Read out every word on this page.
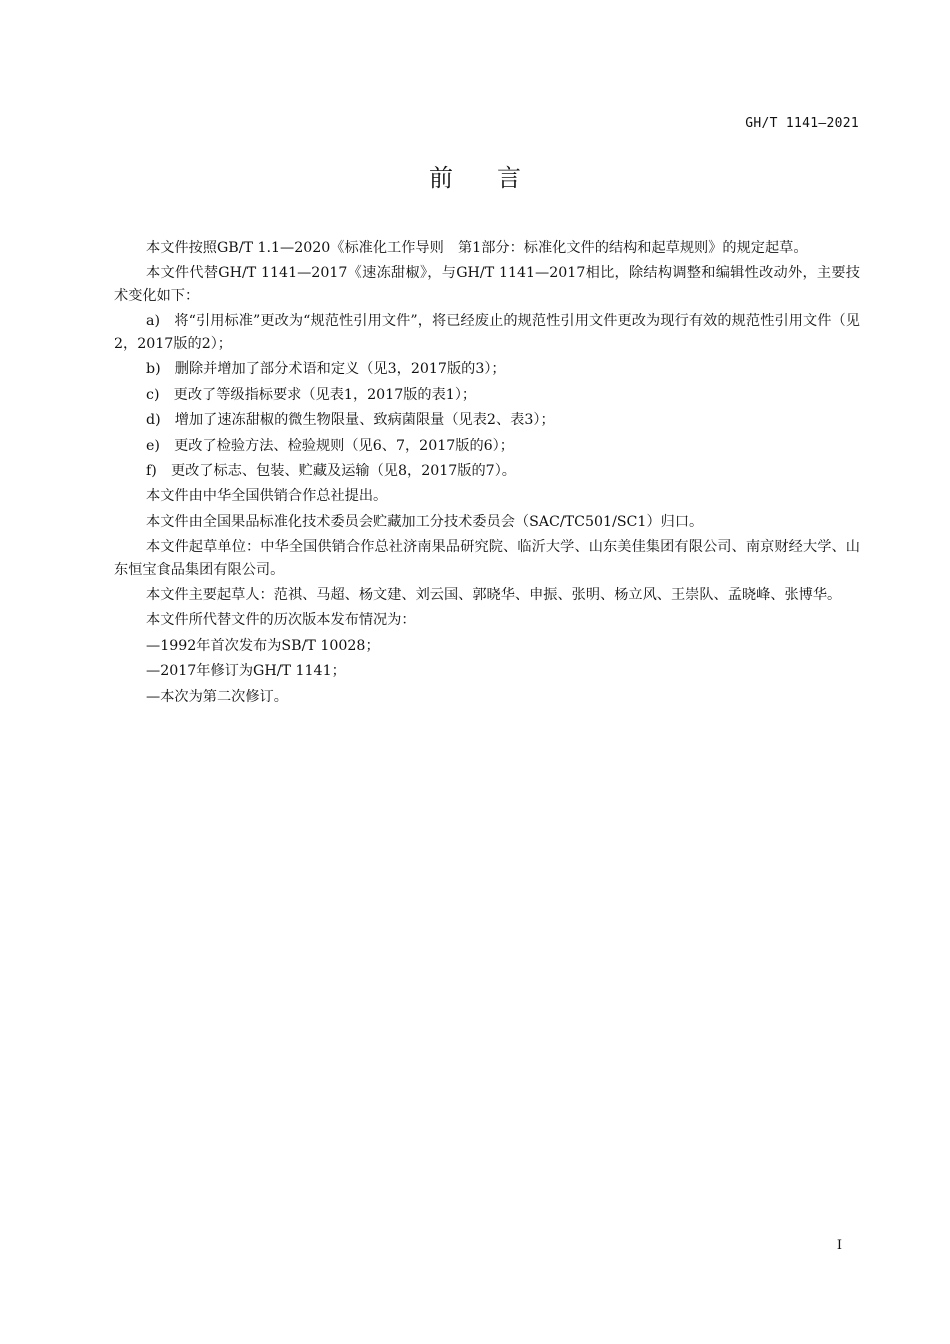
GH/T 1141—2021
前言

本文件按照GB/T 1.1—2020《标准化工作导则　第1部分：标准化文件的结构和起草规则》的规定起草。

本文件代替GH/T 1141—2017《速冻甜椒》，与GH/T 1141—2017相比，除结构调整和编辑性改动外，主要技术变化如下：

a)　将“引用标准”更改为“规范性引用文件”，将已经废止的规范性引用文件更改为现行有效的规范性引用文件（见2，2017版的2）；

b)　删除并增加了部分术语和定义（见3，2017版的3）；

c)　更改了等级指标要求（见表1，2017版的表1）；

d)　增加了速冻甜椒的微生物限量、致病菌限量（见表2、表3）；

e)　更改了检验方法、检验规则（见6、7，2017版的6）；

f)　更改了标志、包装、贮藏及运输（见8，2017版的7）。

本文件由中华全国供销合作总社提出。

本文件由全国果品标准化技术委员会贮藏加工分技术委员会（SAC/TC501/SC1）归口。

本文件起草单位：中华全国供销合作总社济南果品研究院、临沂大学、山东美佳集团有限公司、南京财经大学、山东恒宝食品集团有限公司。

本文件主要起草人：范祺、马超、杨文建、刘云国、郭晓华、申振、张明、杨立风、王崇队、孟晓峰、张博华。

本文件所代替文件的历次版本发布情况为：

—1992年首次发布为SB/T 10028；

—2017年修订为GH/T 1141；

—本次为第二次修订。

I
